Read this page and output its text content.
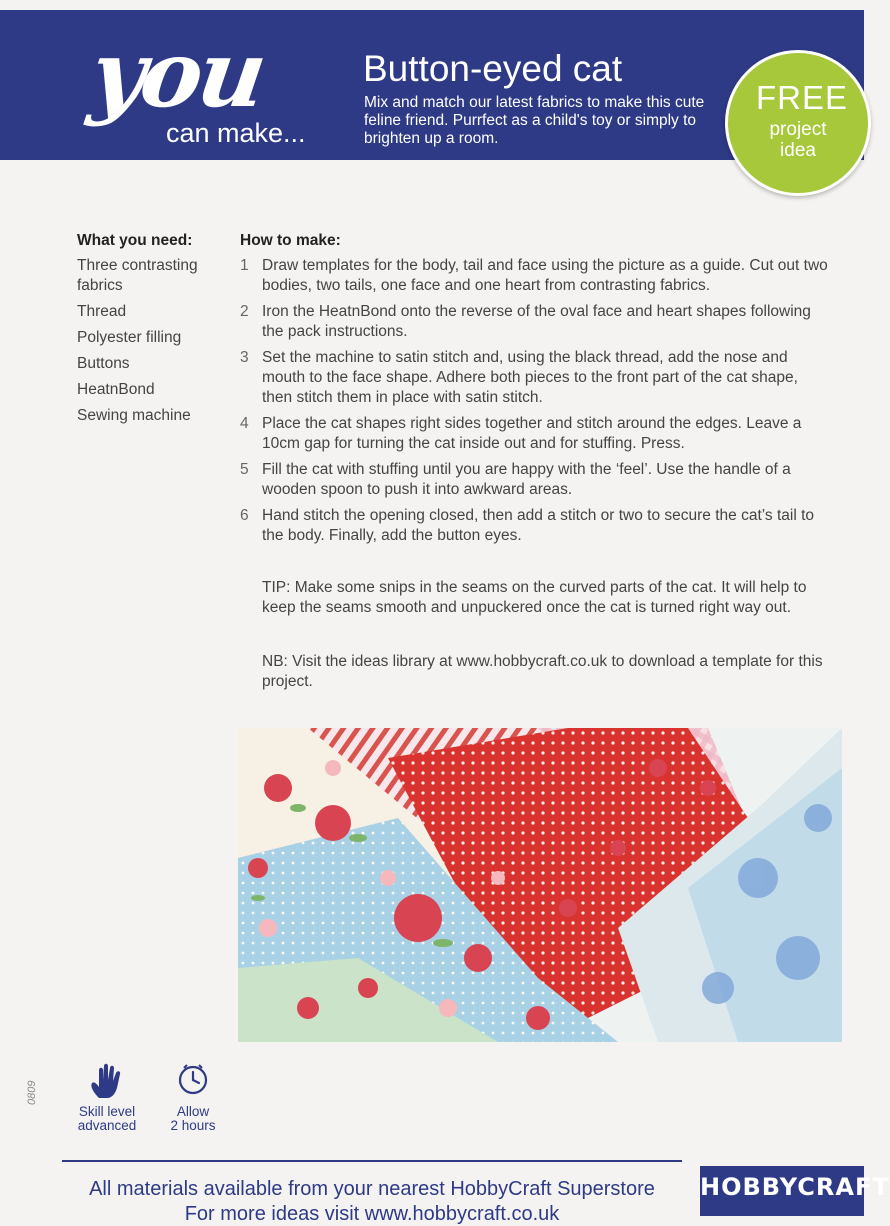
you
can make...
Button-eyed cat
Mix and match our latest fabrics to make this cute feline friend. Purrfect as a child's toy or simply to brighten up a room.
FREE
project idea
What you need:
Three contrasting fabrics
Thread
Polyester filling
Buttons
HeatnBond
Sewing machine
How to make:
1 Draw templates for the body, tail and face using the picture as a guide. Cut out two bodies, two tails, one face and one heart from contrasting fabrics.
2 Iron the HeatnBond onto the reverse of the oval face and heart shapes following the pack instructions.
3 Set the machine to satin stitch and, using the black thread, add the nose and mouth to the face shape. Adhere both pieces to the front part of the cat shape, then stitch them in place with satin stitch.
4 Place the cat shapes right sides together and stitch around the edges. Leave a 10cm gap for turning the cat inside out and for stuffing. Press.
5 Fill the cat with stuffing until you are happy with the ‘feel’. Use the handle of a wooden spoon to push it into awkward areas.
6 Hand stitch the opening closed, then add a stitch or two to secure the cat’s tail to the body. Finally, add the button eyes.

TIP: Make some snips in the seams on the curved parts of the cat. It will help to keep the seams smooth and unpuckered once the cat is turned right way out.

NB: Visit the ideas library at www.hobbycraft.co.uk to download a template for this project.

Skill level
advanced
Allow
2 hours
0809
All materials available from your nearest HobbyCraft Superstore
For more ideas visit www.hobbycraft.co.uk
HOBBYCRAFT
